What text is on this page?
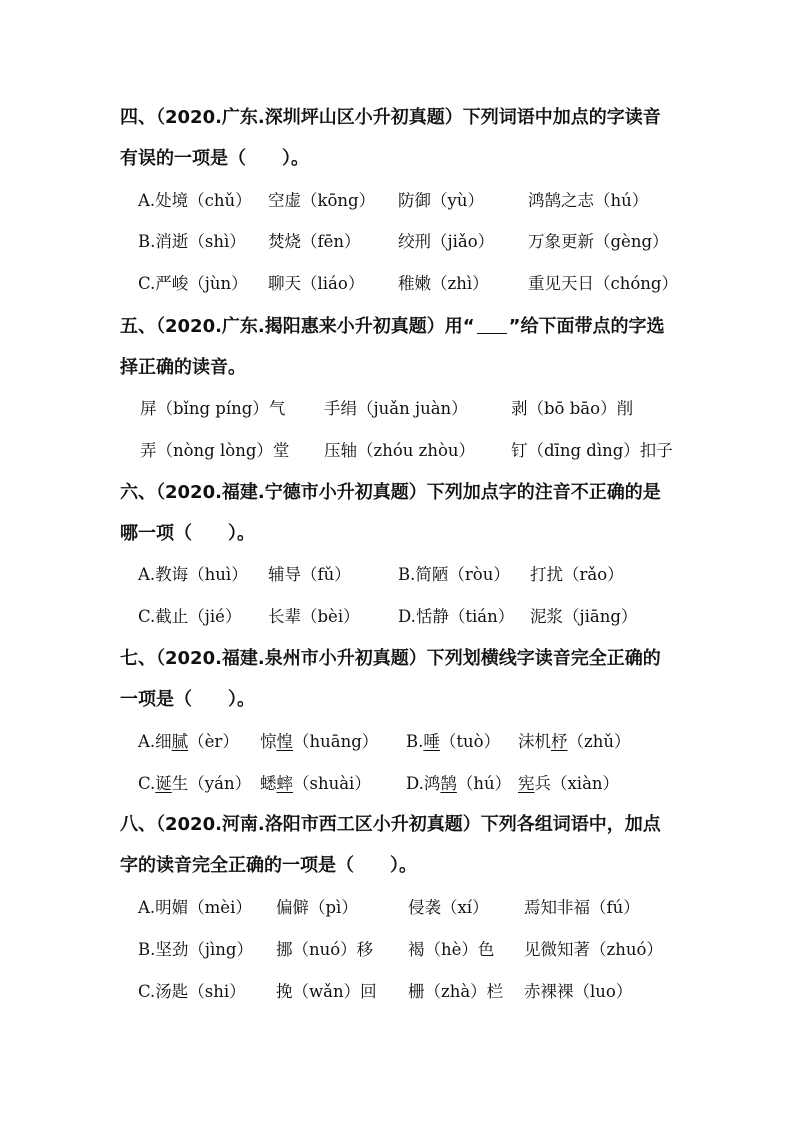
四、（2020.广东.深圳坪山区小升初真题）下列词语中加点的字读音
有误的一项是（　　）。
A.处境（chǔ） 空虚（kōng） 防御（yù）	鸿鹄之志（hú）
B.消逝（shì） 焚烧（fēn） 绞刑（jiǎo） 万象更新（gèng）
C.严峻（jùn） 聊天（liáo） 稚嫩（zhì） 重见天日（chóng）
五、（2020.广东.揭阳惠来小升初真题）用“ ”给下面带点的字选
择正确的读音。
屏（bǐng píng）气 手绢（juǎn juàn）	剥（bō bāo）削
弄（nòng lòng）堂 压轴（zhóu zhòu） 钉（dīng dìng）扣子
六、（2020.福建.宁德市小升初真题）下列加点字的注音不正确的是
哪一项（　　）。
A.教诲（huì） 辅导（fǔ）	B.简陋（ròu） 打扰（rǎo）
C.截止（jié） 长辈（bèi） D.恬静（tián） 泥浆（jiāng）
七、（2020.福建.泉州市小升初真题）下列划横线字读音完全正确的
一项是（　　）。
A.细腻（èr） 惊惶（huāng） B.唾（tuò） 沫机杼（zhǔ）
C.诞生（yán） 蟋蟀（shuài） D.鸿鹄（hú） 宪兵（xiàn）
八、（2020.河南.洛阳市西工区小升初真题）下列各组词语中，加点
字的读音完全正确的一项是（　　）。
A.明媚（mèi） 偏僻（pì）	侵袭（xí） 焉知非福（fú）
B.坚劲（jìng） 挪（nuó）移 褐（hè）色 见微知著（zhuó）
C.汤匙（shi） 挽（wǎn）回 栅（zhà）栏 赤裸裸（luo）
